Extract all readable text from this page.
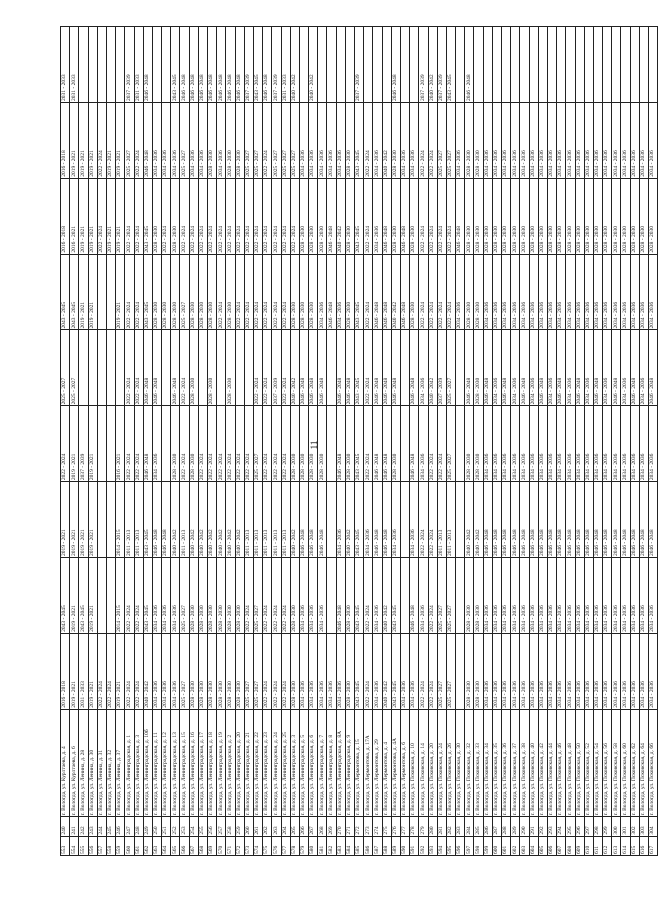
11
553	240	г. Вологда, ул. Курлтаева, д. 4	2016 - 2018	2043 - 2045	2019 - 2021	2022 - 2024	2025 - 2027	2043 - 2045	2016 - 2018	2016 - 2018	2031 - 2033
554	241	г. Вологда, ул. Курлтаева, д. 6	2019 - 2021	2019 - 2021	2019 - 2021	2019 - 2021	2025 - 2027	2043 - 2045	2016 - 2021	2019 - 2021	2031 - 2033
555	242	г. Вологда, ул. Ленина, д. 28	2031 - 2033	2043 - 2045	2019 - 2021	2037 - 2039		2019 - 2021	2019 - 2021	2019 - 2021	
556	243	г. Вологда, ул. Ленина, д. 30	2019 - 2021	2019 - 2021	2019 - 2021	2019 - 2021		2019 - 2021	2019 - 2021	2019 - 2021	
557	244	г. Вологда, ул. Ленина, д. 31	2022 - 2024						2022 - 2024	2022 - 2024	
558	245	г. Вологда, ул. Ленина, д. 32	2022 - 2024						2019 - 2021	2019 - 2021	
559	246	г. Вологда, ул. Ленина, д. 37	2019 - 2021	2014 - 2015	2014 - 2015	2016 - 2021		2019 - 2021	2019 - 2021	2019 - 2021	
560	247	г. Вологда, ул. Ленинградская, д. 1	2022 - 2024	2022 - 2024	2011 - 2013	2022 - 2024	2022 - 2024	2022 - 2024	2022 - 2024	2025 - 2027	2037 - 2039
561	248	г. Вологда, ул. Ленинградская, д. 3	2022 - 2024	2022 - 2024	2011 - 2013	2022 - 2024	2022 - 2024	2022 - 2024	2022 - 2024	2022 - 2024	2031 - 2033
562	249	г. Вологда, ул. Ленинградская, д. 10б	2040 - 2042	2043 - 2045	2043 - 2045	2046 - 2048	2046 - 2048	2043 - 2045	2043 - 2045	2046 - 2048	2046 - 2048
563	250	г. Вологда, ул. Ленинградская, д. 11	2034 - 2036	2034 - 2036	2046 - 2048	2034 - 2036	2046 - 2048	2028 - 2030	2028 - 2030	2034 - 2036	
564	251	г. Вологда, ул. Ленинградская, д. 12	2034 - 2036	2034 - 2036	2046 - 2048			2028 - 2030	2022 - 2024	2034 - 2036	
565	252	г. Вологда, ул. Ленинградская, д. 13	2034 - 2036	2034 - 2036	2040 - 2042	2028 - 2030	2046 - 2048	2028 - 2030	2028 - 2030	2034 - 2036	2043 - 2045
566	253	г. Вологда, ул. Ленинградская, д. 15	2025 - 2027	2025 - 2027	2011 - 2013	2022 - 2024	2022 - 2024	2025 - 2027	2022 - 2024	2025 - 2027	2046 - 2048
567	254	г. Вологда, ул. Ленинградская, д. 16	2028 - 2030	2028 - 2030	2040 - 2042	2028 - 2030	2028 - 2030	2028 - 2030	2022 - 2024	2034 - 2036	2046 - 2048
568	255	г. Вологда, ул. Ленинградская, д. 17	2028 - 2030	2028 - 2030	2040 - 2042	2022 - 2024		2028 - 2030	2022 - 2024	2034 - 2036	2046 - 2048
569	256	г. Вологда, ул. Ленинградская, д. 18	2028 - 2030	2028 - 2030	2040 - 2042	2022 - 2024	2028 - 2030	2028 - 2030	2022 - 2024	2028 - 2030	2046 - 2048
570	257	г. Вологда, ул. Ленинградская, д. 19	2028 - 2030	2028 - 2030	2040 - 2042	2022 - 2024		2022 - 2024	2022 - 2024	2034 - 2036	2046 - 2048
571	258	г. Вологда, ул. Ленинградская, д. 2	2028 - 2030	2028 - 2030	2040 - 2042	2022 - 2024	2028 - 2030	2028 - 2030	2022 - 2024	2028 - 2030	2046 - 2048
572	259	г. Вологда, ул. Ленинградская, д. 20	2028 - 2030	2028 - 2030	2040 - 2042	2022 - 2024		2022 - 2024	2022 - 2024	2028 - 2030	2046 - 2048
573	260	г. Вологда, ул. Ленинградская, д. 21	2025 - 2027	2022 - 2024	2011 - 2013	2022 - 2024		2022 - 2024	2022 - 2024	2025 - 2027	2037 - 2039
574	261	г. Вологда, ул. Ленинградская, д. 22	2025 - 2027	2025 - 2027	2011 - 2013	2025 - 2027	2022 - 2024	2022 - 2024	2022 - 2024	2025 - 2027	2043 - 2045
575	262	г. Вологда, ул. Ленинградская, д. 23	2022 - 2024	2022 - 2024	2011 - 2013	2022 - 2024	2022 - 2024	2022 - 2024	2022 - 2024	2022 - 2024	2046 - 2048
576	263	г. Вологда, ул. Ленинградская, д. 24	2022 - 2024	2022 - 2024	2011 - 2013	2022 - 2024	2037 - 2039	2022 - 2024	2022 - 2024	2025 - 2027	2037 - 2039
577	264	г. Вологда, ул. Ленинградская, д. 25	2022 - 2024	2022 - 2024	2011 - 2013	2022 - 2024	2022 - 2024	2022 - 2024	2022 - 2024	2025 - 2027	2031 - 2033
578	265	г. Вологда, ул. Ленинградская, д. 3	2028 - 2030	2028 - 2030	2040 - 2042	2028 - 2030	2040 - 2042	2028 - 2030	2022 - 2024	2025 - 2027	2040 - 2042
579	266	г. Вологда, ул. Ленинградская, д. 5	2034 - 2036	2034 - 2036	2046 - 2048	2028 - 2030	2046 - 2048	2028 - 2030	2028 - 2030	2034 - 2036	
580	267	г. Вологда, ул. Ленинградская, д. 6	2034 - 2036	2034 - 2036	2046 - 2048	2028 - 2030	2046 - 2048	2028 - 2030	2028 - 2030	2034 - 2036	2040 - 2042
581	268	г. Вологда, ул. Ленинградская, д. 7	2034 - 2036	2034 - 2036	2046 - 2048	2028 - 2030	2046 - 2048	2034 - 2036	2028 - 2030	2034 - 2036	
582	269	г. Вологда, ул. Ленинградская, д. 8	2034 - 2036					2046 - 2048	2046 - 2048	2034 - 2036	
583	270	г. Вологда, ул. Ленинградская, д. 8А	2034 - 2036	2046 - 2048	2034 - 2036	2046 - 2048	2046 - 2048	2034 - 2036	2040 - 2042	2034 - 2036	
584	271	г. Вологда, ул. Ленинградская, д. 9	2028 - 2030	2028 - 2030	2040 - 2042	2028 - 2030	2046 - 2048	2028 - 2030	2028 - 2030	2028 - 2030	
585	272	г. Вологда, ул. Лермонтова, д. 15	2043 - 2045	2043 - 2045	2043 - 2045	2043 - 2045	2043 - 2045	2043 - 2045	2043 - 2045	2043 - 2045	2037 - 2039
586	273	г. Вологда, ул. Лермонтова, д. 17А	2022 - 2024	2022 - 2024	2034 - 2036	2022 - 2024	2022 - 2024	2022 - 2024	2022 - 2024	2022 - 2024	
587	274	г. Вологда, ул. Лермонтова, д. 29	2034 - 2036	2034 - 2036	2046 - 2048	2046 - 2048	2046 - 2048	2046 - 2048	2034 - 2036	2034 - 2036	
588	275	г. Вологда, ул. Лермонтова, д. 4	2040 - 2042	2040 - 2042	2046 - 2048	2046 - 2048	2046 - 2048	2046 - 2048	2046 - 2048	2040 - 2042	
589	276	г. Вологда, ул. Лермонтова, д. 4А	2043 - 2045	2043 - 2045	2034 - 2036	2028 - 2030	2046 - 2048	2040 - 2042	2028 - 2030	2028 - 2030	2046 - 2048
590	277	г. Вологда, ул. Лермонтова, д. 6	2034 - 2036					2046 - 2048	2046 - 2048	2034 - 2036	
591	278	г. Вологда, ул. Псковская, д. 10	2034 - 2036	2046 - 2048	2034 - 2036	2046 - 2048	2046 - 2048	2028 - 2030	2028 - 2030	2034 - 2036	
592	279	г. Вологда, ул. Псковская, д. 14	2022 - 2024	2034 - 2036	2022 - 2024	2034 - 2036	2034 - 2036	2022 - 2024	2022 - 2024	2022 - 2024	2037 - 2039
593	280	г. Вологда, ул. Псковская, д. 20	2022 - 2024	2022 - 2024	2022 - 2024	2022 - 2024	2040 - 2042	2022 - 2024	2022 - 2024	2022 - 2024	2040 - 2042
594	281	г. Вологда, ул. Псковская, д. 24	2025 - 2027	2025 - 2027	2011 - 2013	2022 - 2024	2037 - 2039	2022 - 2024	2022 - 2024	2025 - 2027	2037 - 2039
595	282	г. Вологда, ул. Псковская, д. 26	2025 - 2027	2025 - 2027	2011 - 2013	2025 - 2027	2025 - 2027	2022 - 2024	2022 - 2024	2025 - 2027	2043 - 2045
596	283	г. Вологда, ул. Псковская, д. 30						2034 - 2036	2046 - 2048	2034 - 2036	
597	284	г. Вологда, ул. Псковская, д. 32	2028 - 2030	2028 - 2030	2040 - 2042	2028 - 2030	2046 - 2048	2028 - 2030	2028 - 2030	2028 - 2030	2046 - 2048
598	285	г. Вологда, ул. Псковская, д. 33	2028 - 2030	2028 - 2030	2040 - 2042	2028 - 2030	2028 - 2030	2028 - 2030	2028 - 2030	2028 - 2030	
599	286	г. Вологда, ул. Псковская, д. 34	2034 - 2036	2034 - 2036	2046 - 2048	2034 - 2036	2046 - 2048	2034 - 2036	2028 - 2030	2034 - 2036	
600	287	г. Вологда, ул. Псковская, д. 35	2034 - 2036	2034 - 2036	2046 - 2048	2034 - 2036	2034 - 2036	2034 - 2036	2028 - 2030	2034 - 2036	
601	288	г. Вологда, ул. Псковская, д. 36	2034 - 2036	2034 - 2036	2046 - 2048	2034 - 2036	2046 - 2048	2034 - 2036	2028 - 2030	2034 - 2036	
602	289	г. Вологда, ул. Псковская, д. 37	2034 - 2036	2034 - 2036	2046 - 2048	2034 - 2036	2034 - 2036	2034 - 2036	2028 - 2030	2034 - 2036	
603	290	г. Вологда, ул. Псковская, д. 38	2034 - 2036	2034 - 2036	2046 - 2048	2034 - 2036	2046 - 2048	2034 - 2036	2028 - 2030	2034 - 2036	
604	291	г. Вологда, ул. Псковская, д. 40	2034 - 2036	2034 - 2036	2046 - 2048	2034 - 2036	2034 - 2036	2034 - 2036	2028 - 2030	2034 - 2036	
605	292	г. Вологда, ул. Псковская, д. 42	2034 - 2036	2034 - 2036	2046 - 2048	2034 - 2036	2046 - 2048	2034 - 2036	2028 - 2030	2034 - 2036	
606	293	г. Вологда, ул. Псковская, д. 44	2034 - 2036	2034 - 2036	2046 - 2048	2034 - 2036	2034 - 2036	2034 - 2036	2028 - 2030	2034 - 2036	
607	294	г. Вологда, ул. Псковская, д. 46	2034 - 2036	2034 - 2036	2046 - 2048	2034 - 2036	2046 - 2048	2034 - 2036	2028 - 2030	2034 - 2036	
608	295	г. Вологда, ул. Псковская, д. 48	2034 - 2036	2034 - 2036	2046 - 2048	2034 - 2036	2034 - 2036	2034 - 2036	2028 - 2030	2034 - 2036	
609	296	г. Вологда, ул. Псковская, д. 50	2034 - 2036	2034 - 2036	2046 - 2048	2034 - 2036	2046 - 2048	2034 - 2036	2028 - 2030	2034 - 2036	
610	297	г. Вологда, ул. Псковская, д. 52	2034 - 2036	2034 - 2036	2046 - 2048	2034 - 2036	2034 - 2036	2034 - 2036	2028 - 2030	2034 - 2036	
611	298	г. Вологда, ул. Псковская, д. 54	2034 - 2036	2034 - 2036	2046 - 2048	2034 - 2036	2046 - 2048	2034 - 2036	2028 - 2030	2034 - 2036	
612	299	г. Вологда, ул. Псковская, д. 56	2034 - 2036	2034 - 2036	2046 - 2048	2034 - 2036	2034 - 2036	2034 - 2036	2028 - 2030	2034 - 2036	
613	300	г. Вологда, ул. Псковская, д. 58	2034 - 2036	2034 - 2036	2046 - 2048	2034 - 2036	2046 - 2048	2034 - 2036	2028 - 2030	2034 - 2036	
614	301	г. Вологда, ул. Псковская, д. 60	2034 - 2036	2034 - 2036	2046 - 2048	2034 - 2036	2034 - 2036	2034 - 2036	2028 - 2030	2034 - 2036	
615	302	г. Вологда, ул. Псковская, д. 62	2034 - 2036	2034 - 2036	2046 - 2048	2034 - 2036	2046 - 2048	2034 - 2036	2028 - 2030	2034 - 2036	
616	303	г. Вологда, ул. Псковская, д. 64	2034 - 2036	2034 - 2036	2046 - 2048	2034 - 2036	2034 - 2036	2034 - 2036	2028 - 2030	2034 - 2036	
617	304	г. Вологда, ул. Псковская, д. 66	2034 - 2036	2034 - 2036	2046 - 2048	2034 - 2036	2046 - 2048	2034 - 2036	2028 - 2030	2034 - 2036	
